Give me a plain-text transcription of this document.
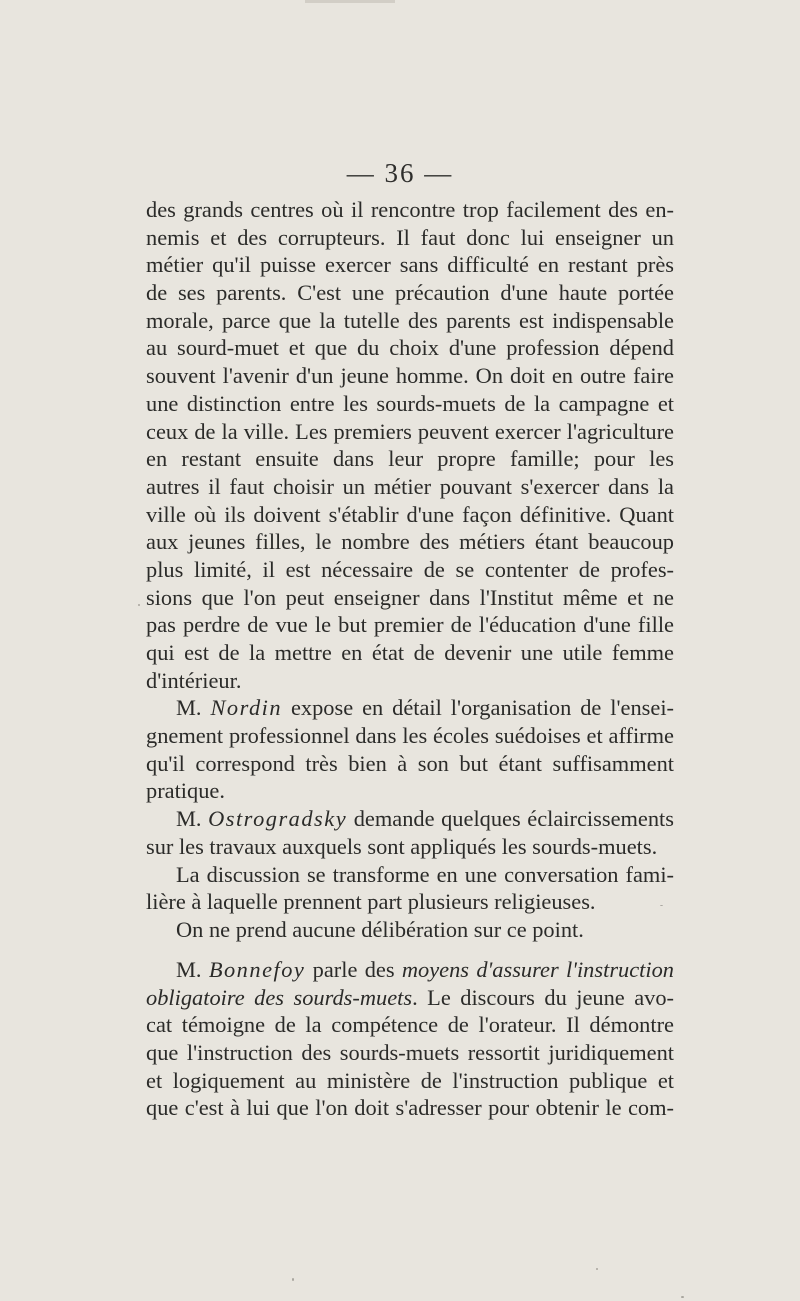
— 36 —
des grands centres où il rencontre trop facilement des en-
nemis et des corrupteurs. Il faut donc lui enseigner un
métier qu'il puisse exercer sans difficulté en restant près
de ses parents. C'est une précaution d'une haute portée
morale, parce que la tutelle des parents est indispensable
au sourd-muet et que du choix d'une profession dépend
souvent l'avenir d'un jeune homme. On doit en outre faire
une distinction entre les sourds-muets de la campagne et
ceux de la ville. Les premiers peuvent exercer l'agriculture
en restant ensuite dans leur propre famille; pour les
autres il faut choisir un métier pouvant s'exercer dans la
ville où ils doivent s'établir d'une façon définitive. Quant
aux jeunes filles, le nombre des métiers étant beaucoup
plus limité, il est nécessaire de se contenter de profes-
sions que l'on peut enseigner dans l'Institut même et ne
pas perdre de vue le but premier de l'éducation d'une fille
qui est de la mettre en état de devenir une utile femme
d'intérieur.
M. Nordin expose en détail l'organisation de l'ensei-
gnement professionnel dans les écoles suédoises et affirme
qu'il correspond très bien à son but étant suffisamment
pratique.
M. Ostrogradsky demande quelques éclaircissements
sur les travaux auxquels sont appliqués les sourds-muets.
La discussion se transforme en une conversation fami-
lière à laquelle prennent part plusieurs religieuses.
On ne prend aucune délibération sur ce point.
M. Bonnefoy parle des moyens d'assurer l'instruction
obligatoire des sourds-muets. Le discours du jeune avo-
cat témoigne de la compétence de l'orateur. Il démontre
que l'instruction des sourds-muets ressortit juridiquement
et logiquement au ministère de l'instruction publique et
que c'est à lui que l'on doit s'adresser pour obtenir le com-
